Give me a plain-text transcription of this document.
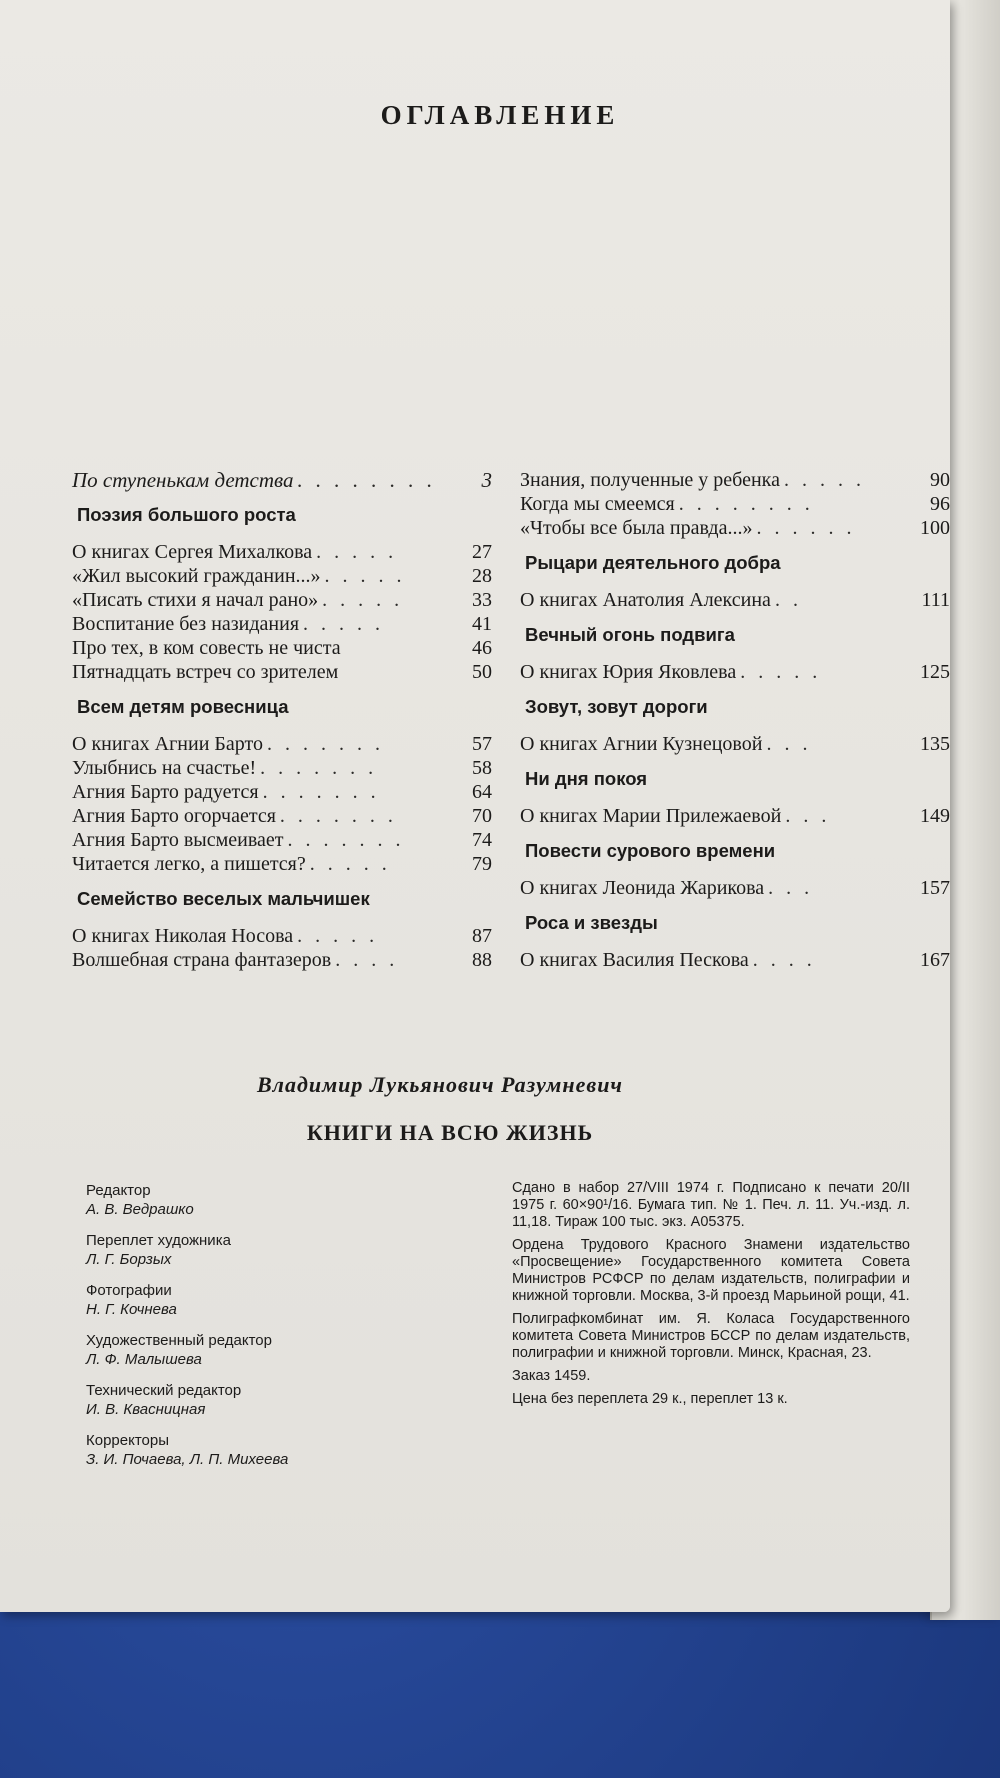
ОГЛАВЛЕНИЕ
По ступенькам детства . . . . . . . .	3
Поэзия большого роста
О книгах Сергея Михалкова . . . . .	27
«Жил высокий гражданин...» . . . . .	28
«Писать стихи я начал рано» . . . . .	33
Воспитание без назидания . . . . .	41
Про тех, в ком совесть не чиста	46
Пятнадцать встреч со зрителем	50
Всем детям ровесница
О книгах Агнии Барто . . . . . . .	57
Улыбнись на счастье! . . . . . . .	58
Агния Барто радуется . . . . . . .	64
Агния Барто огорчается . . . . . . .	70
Агния Барто высмеивает . . . . . . .	74
Читается легко, а пишется? . . . . .	79
Семейство веселых мальчишек
О книгах Николая Носова . . . . .	87
Волшебная страна фантазеров . . . .	88
Знания, полученные у ребенка . . . . .	90
Когда мы смеемся . . . . . . . .	96
«Чтобы все была правда...» . . . . . .	100
Рыцари деятельного добра
О книгах Анатолия Алексина . .	111
Вечный огонь подвига
О книгах Юрия Яковлева . . . . .	125
Зовут, зовут дороги
О книгах Агнии Кузнецовой . . .	135
Ни дня покоя
О книгах Марии Прилежаевой . . .	149
Повести сурового времени
О книгах Леонида Жарикова . . .	157
Роса и звезды
О книгах Василия Пескова . . . .	167
Владимир Лукьянович Разумневич
КНИГИ НА ВСЮ ЖИЗНЬ
Редактор
А. В. Ведрашко
Переплет художника
Л. Г. Борзых
Фотографии
Н. Г. Кочнева
Художественный редактор
Л. Ф. Малышева
Технический редактор
И. В. Квасницная
Корректоры
З. И. Почаева, Л. П. Михеева

Сдано в набор 27/VIII 1974 г. Подписано к печати 20/II 1975 г. 60×90¹/16. Бумага тип. № 1. Печ. л. 11. Уч.-изд. л. 11,18. Тираж 100 тыс. экз. А05375.

Ордена Трудового Красного Знамени издательство «Просвещение» Государственного комитета Совета Министров РСФСР по делам издательств, полиграфии и книжной торговли. Москва, 3-й проезд Марьиной рощи, 41.

Полиграфкомбинат им. Я. Коласа Государственного комитета Совета Министров БССР по делам издательств, полиграфии и книжной торговли. Минск, Красная, 23.

Заказ 1459.

Цена без переплета 29 к., переплет 13 к.
